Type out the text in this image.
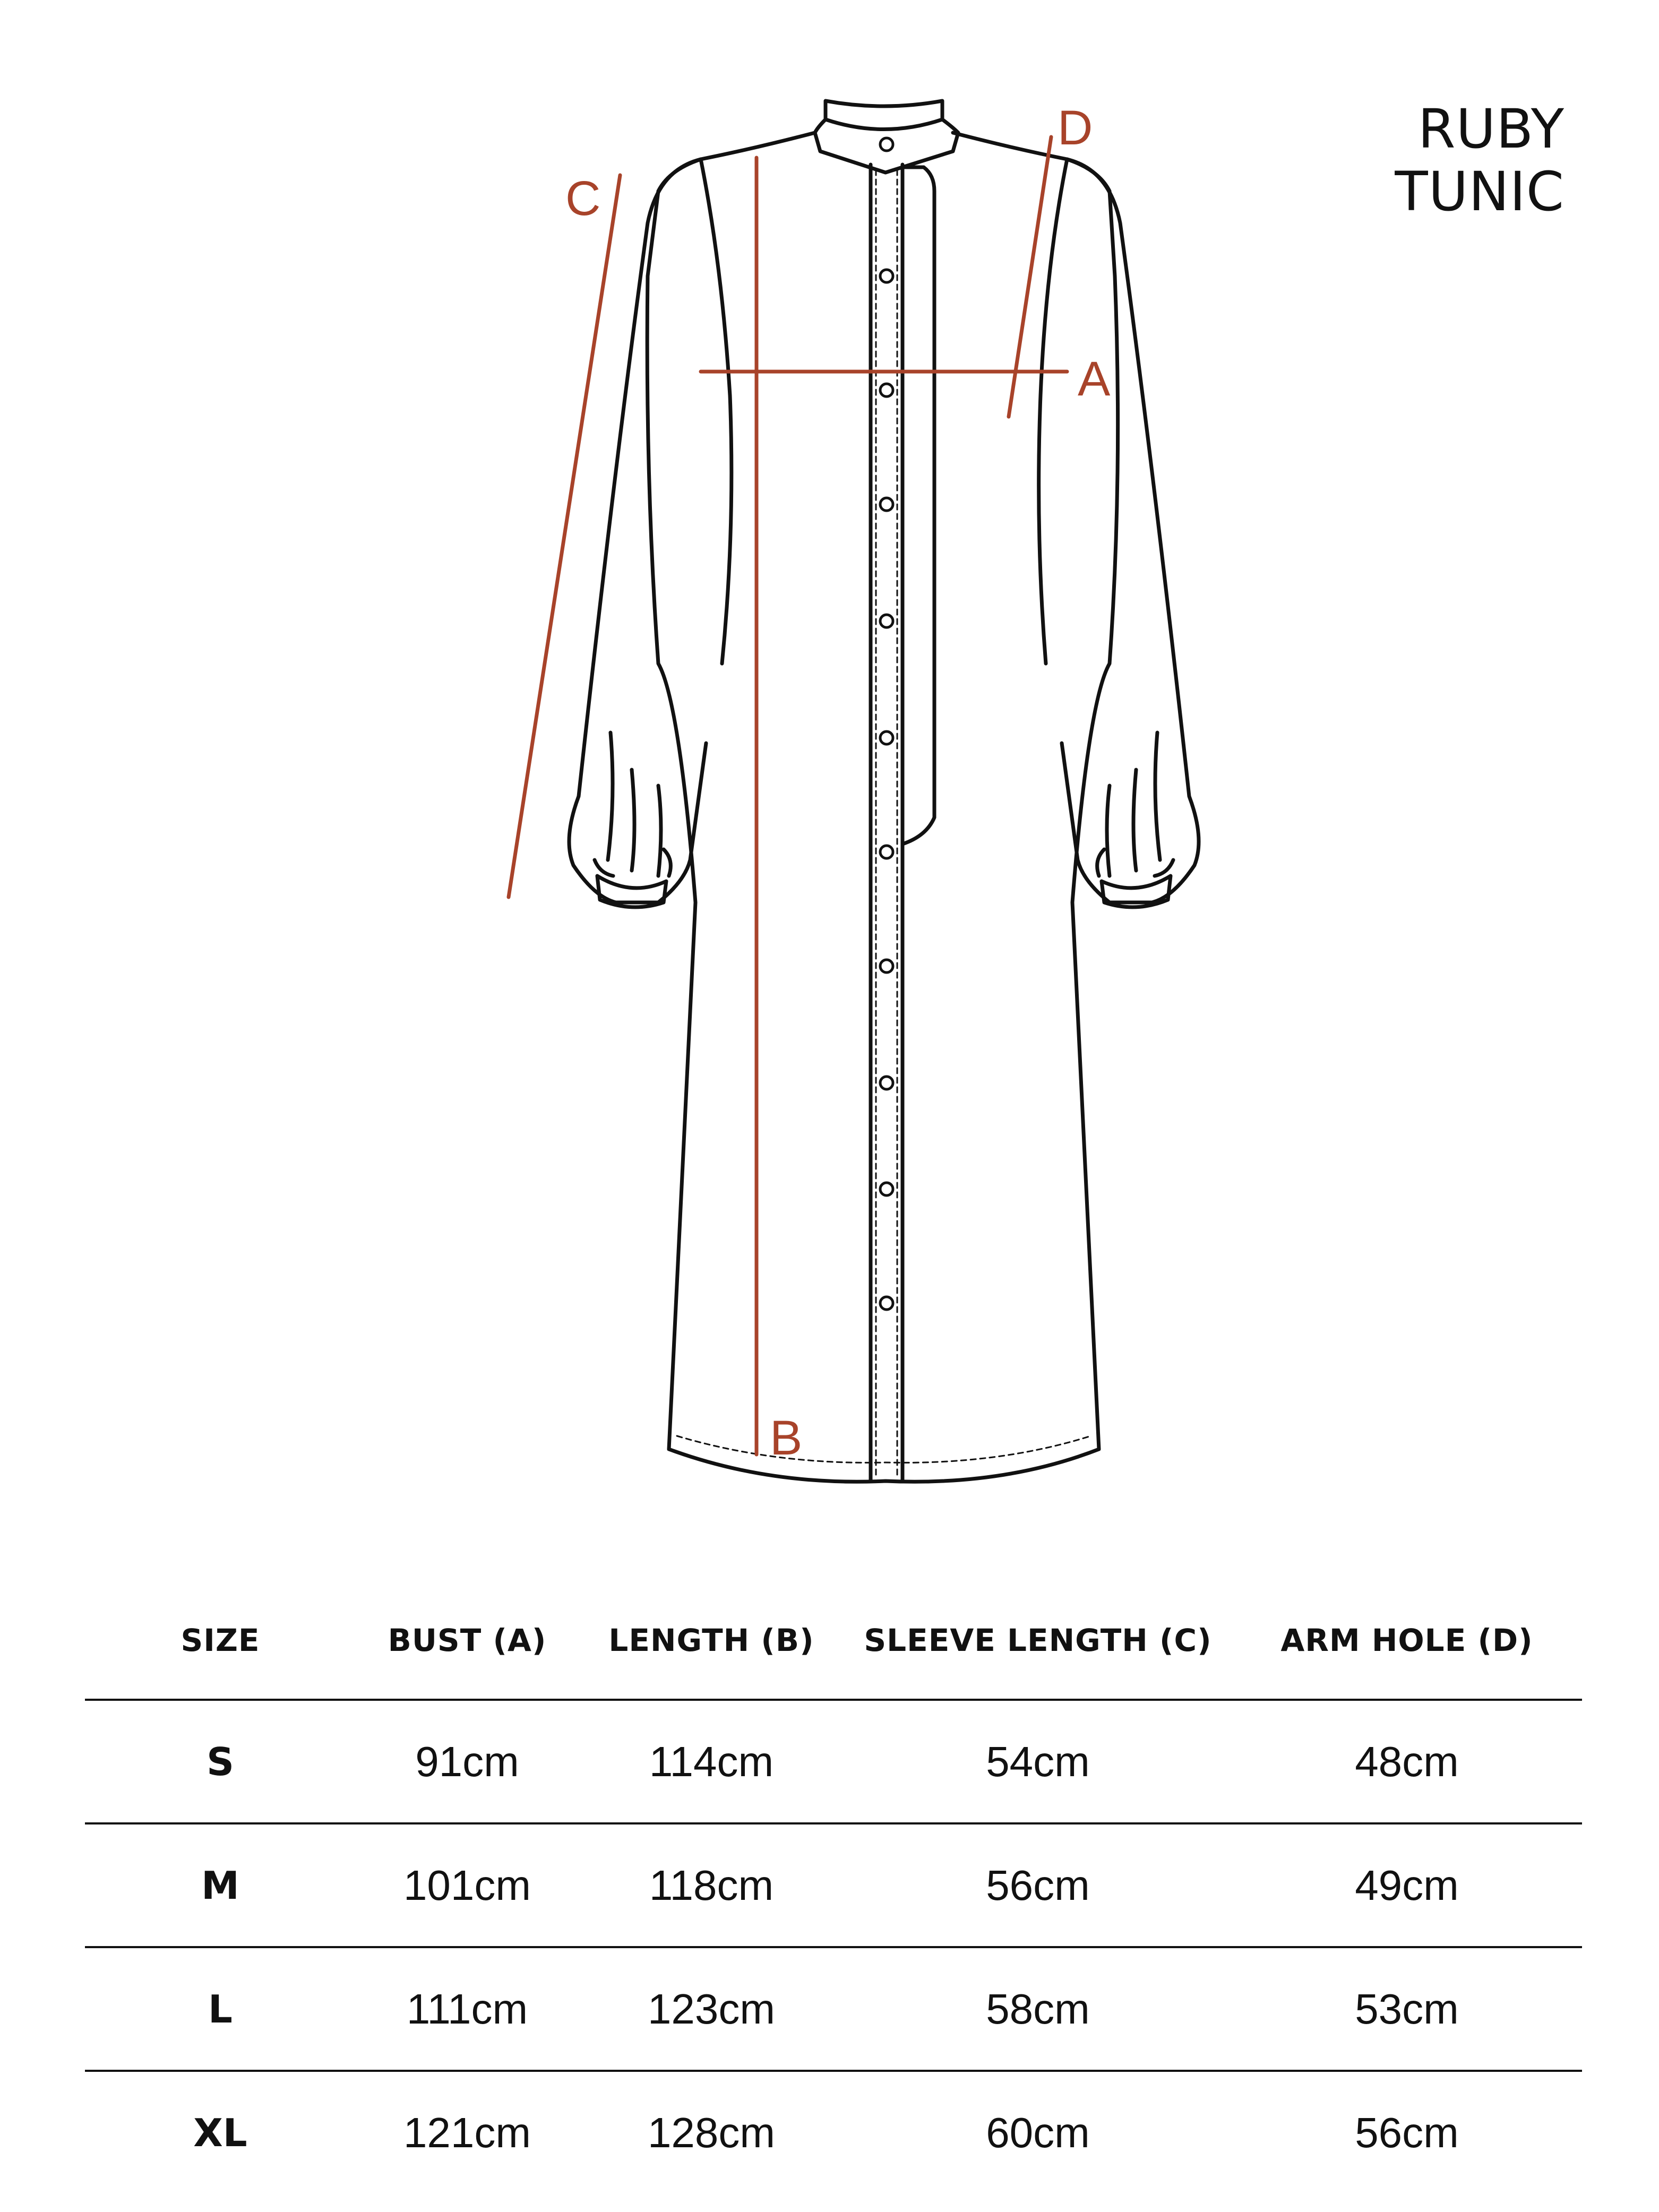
RUBY
TUNIC
A
B
C
D
SIZE	BUST (A)	LENGTH (B)	SLEEVE LENGTH (C)	ARM HOLE (D)
S	91cm	114cm	54cm	48cm
M	101cm	118cm	56cm	49cm
L	111cm	123cm	58cm	53cm
XL	121cm	128cm	60cm	56cm
